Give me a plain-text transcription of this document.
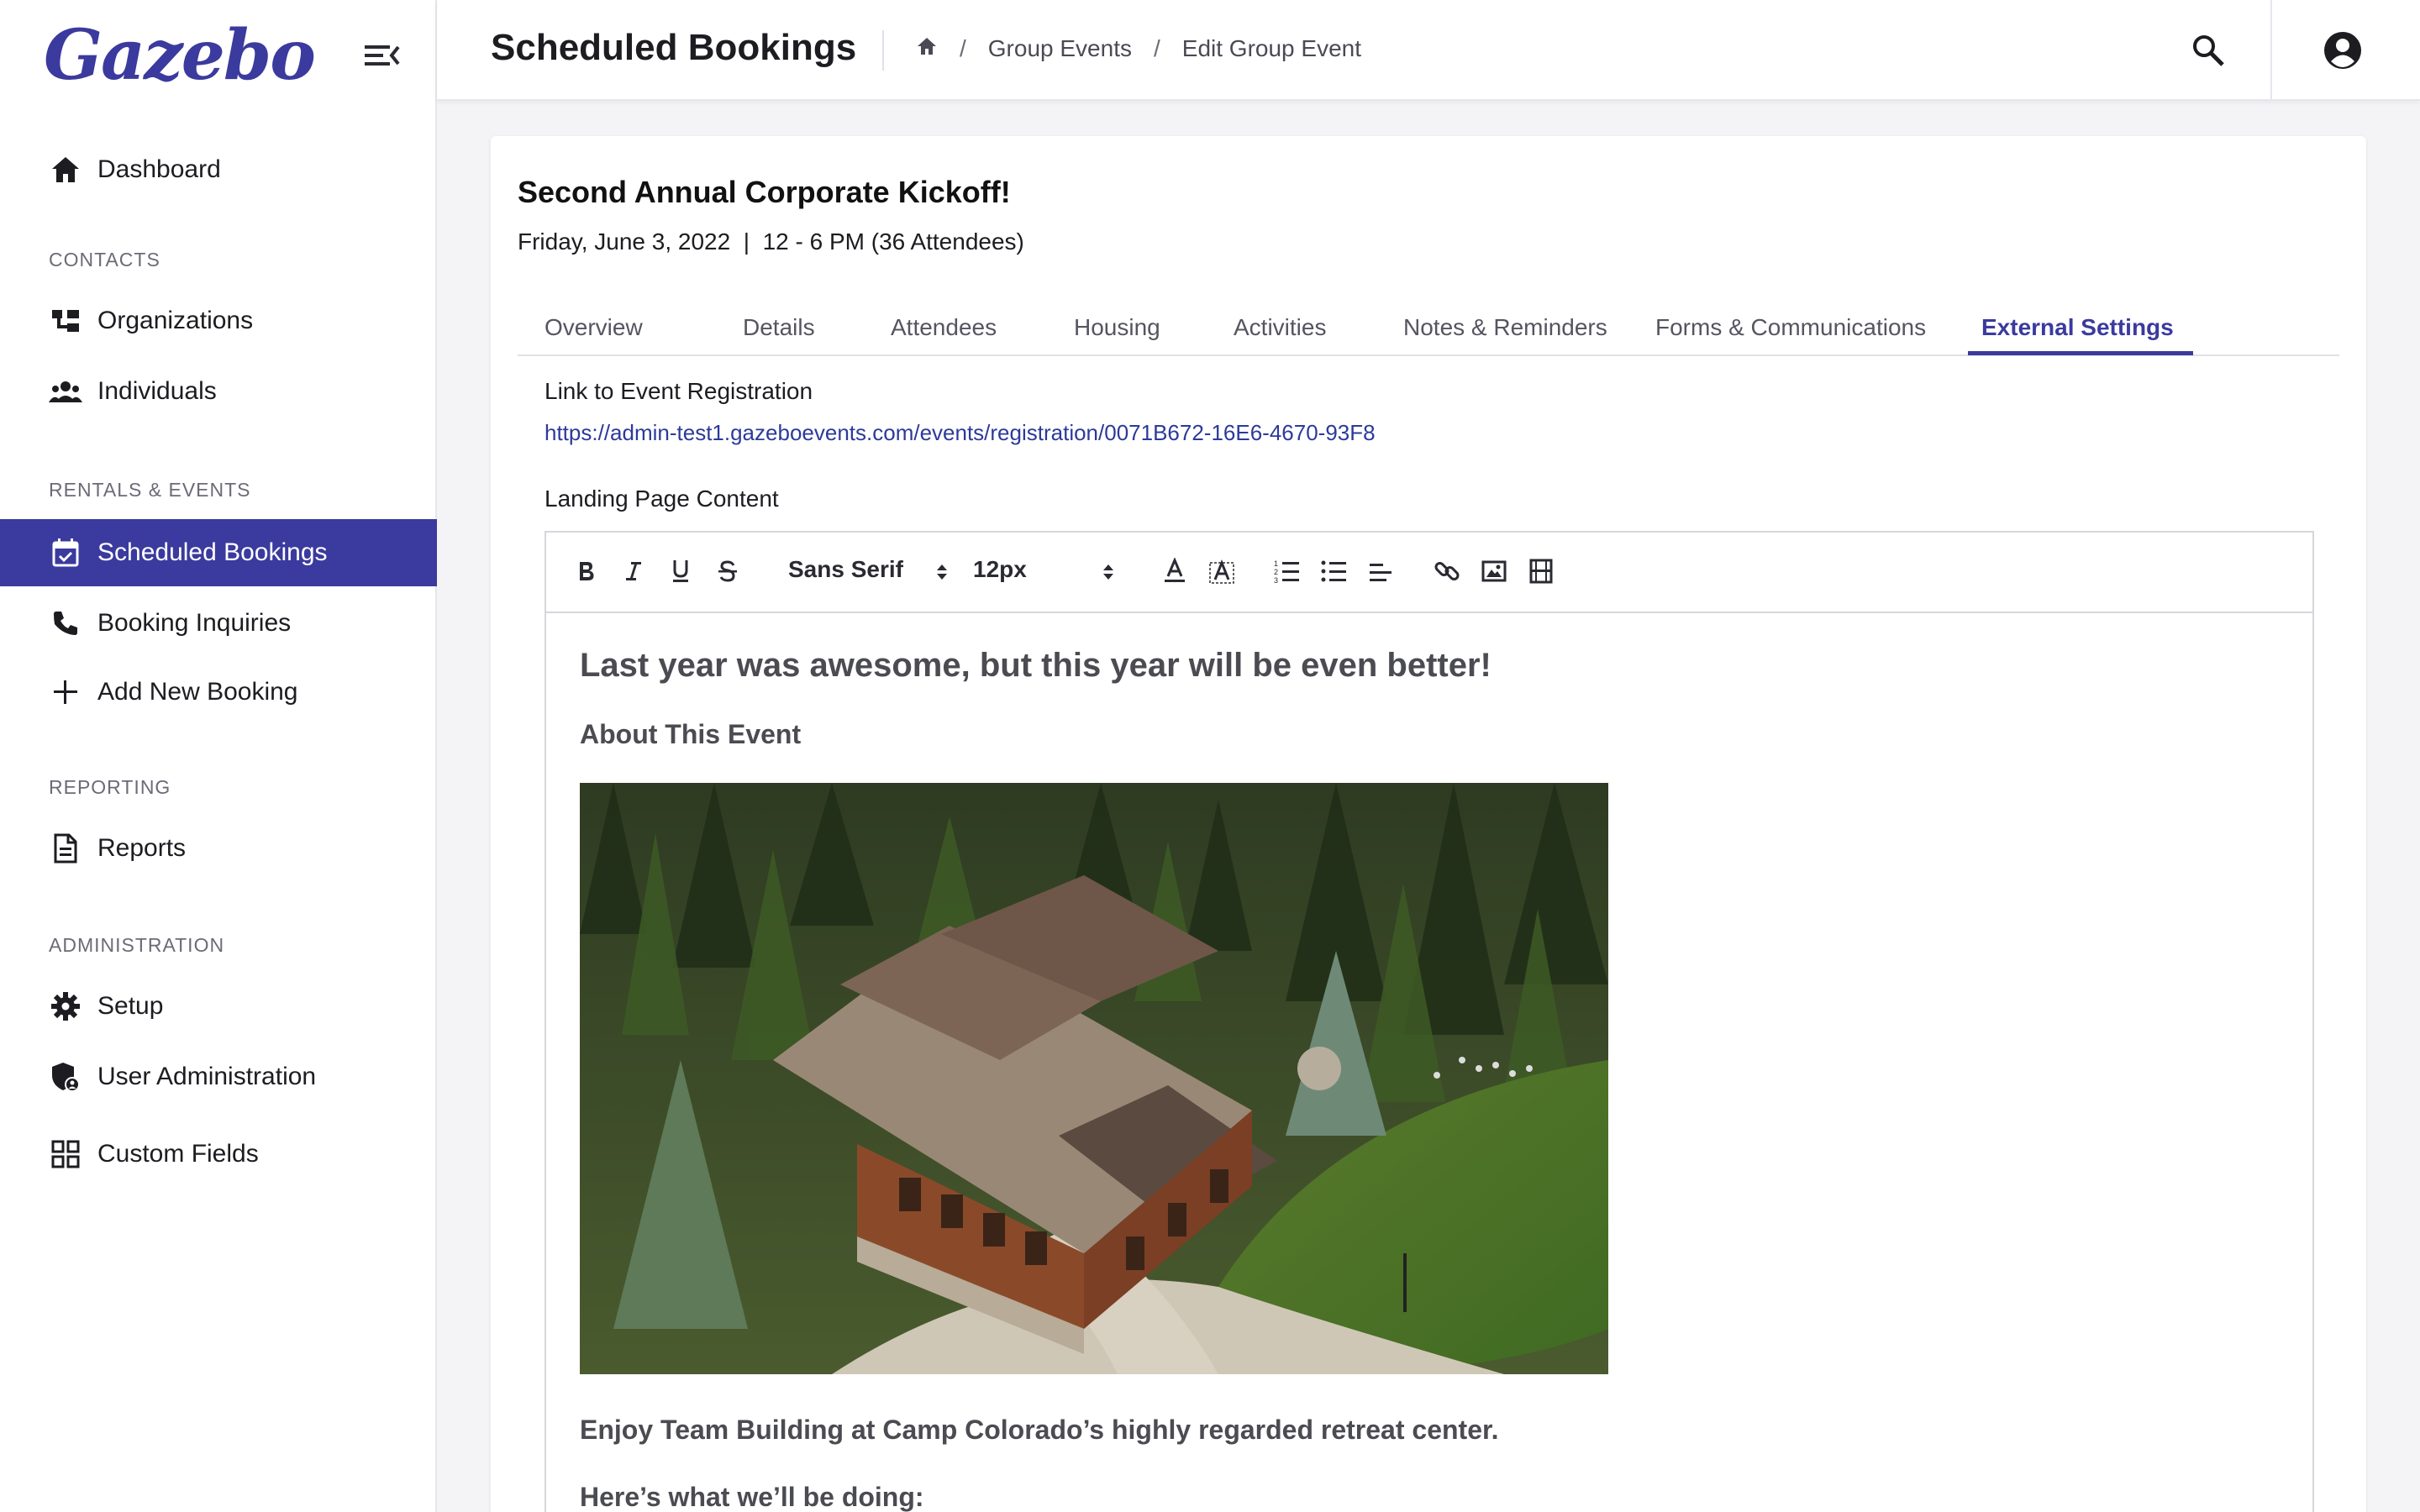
Gazebo
Dashboard
CONTACTS
Organizations
Individuals
RENTALS & EVENTS
Scheduled Bookings
Booking Inquiries
Add New Booking
REPORTING
Reports
ADMINISTRATION
Setup
User Administration
Custom Fields
Scheduled Bookings	/ Group Events / Edit Group Event
Second Annual Corporate Kickoff!
Friday, June 3, 2022  |  12 - 6 PM (36 Attendees)
Overview	Details	Attendees	Housing	Activities	Notes & Reminders Forms & Communications External Settings
Link to Event Registration
https://admin-test1.gazeboevents.com/events/registration/0071B672-16E6-4670-93F8
Landing Page Content
Sans Serif	12px	1
2
3
Last year was awesome, but this year will be even better!
About This Event
Enjoy Team Building at Camp Colorado’s highly regarded retreat center.
Here’s what we’ll be doing:
